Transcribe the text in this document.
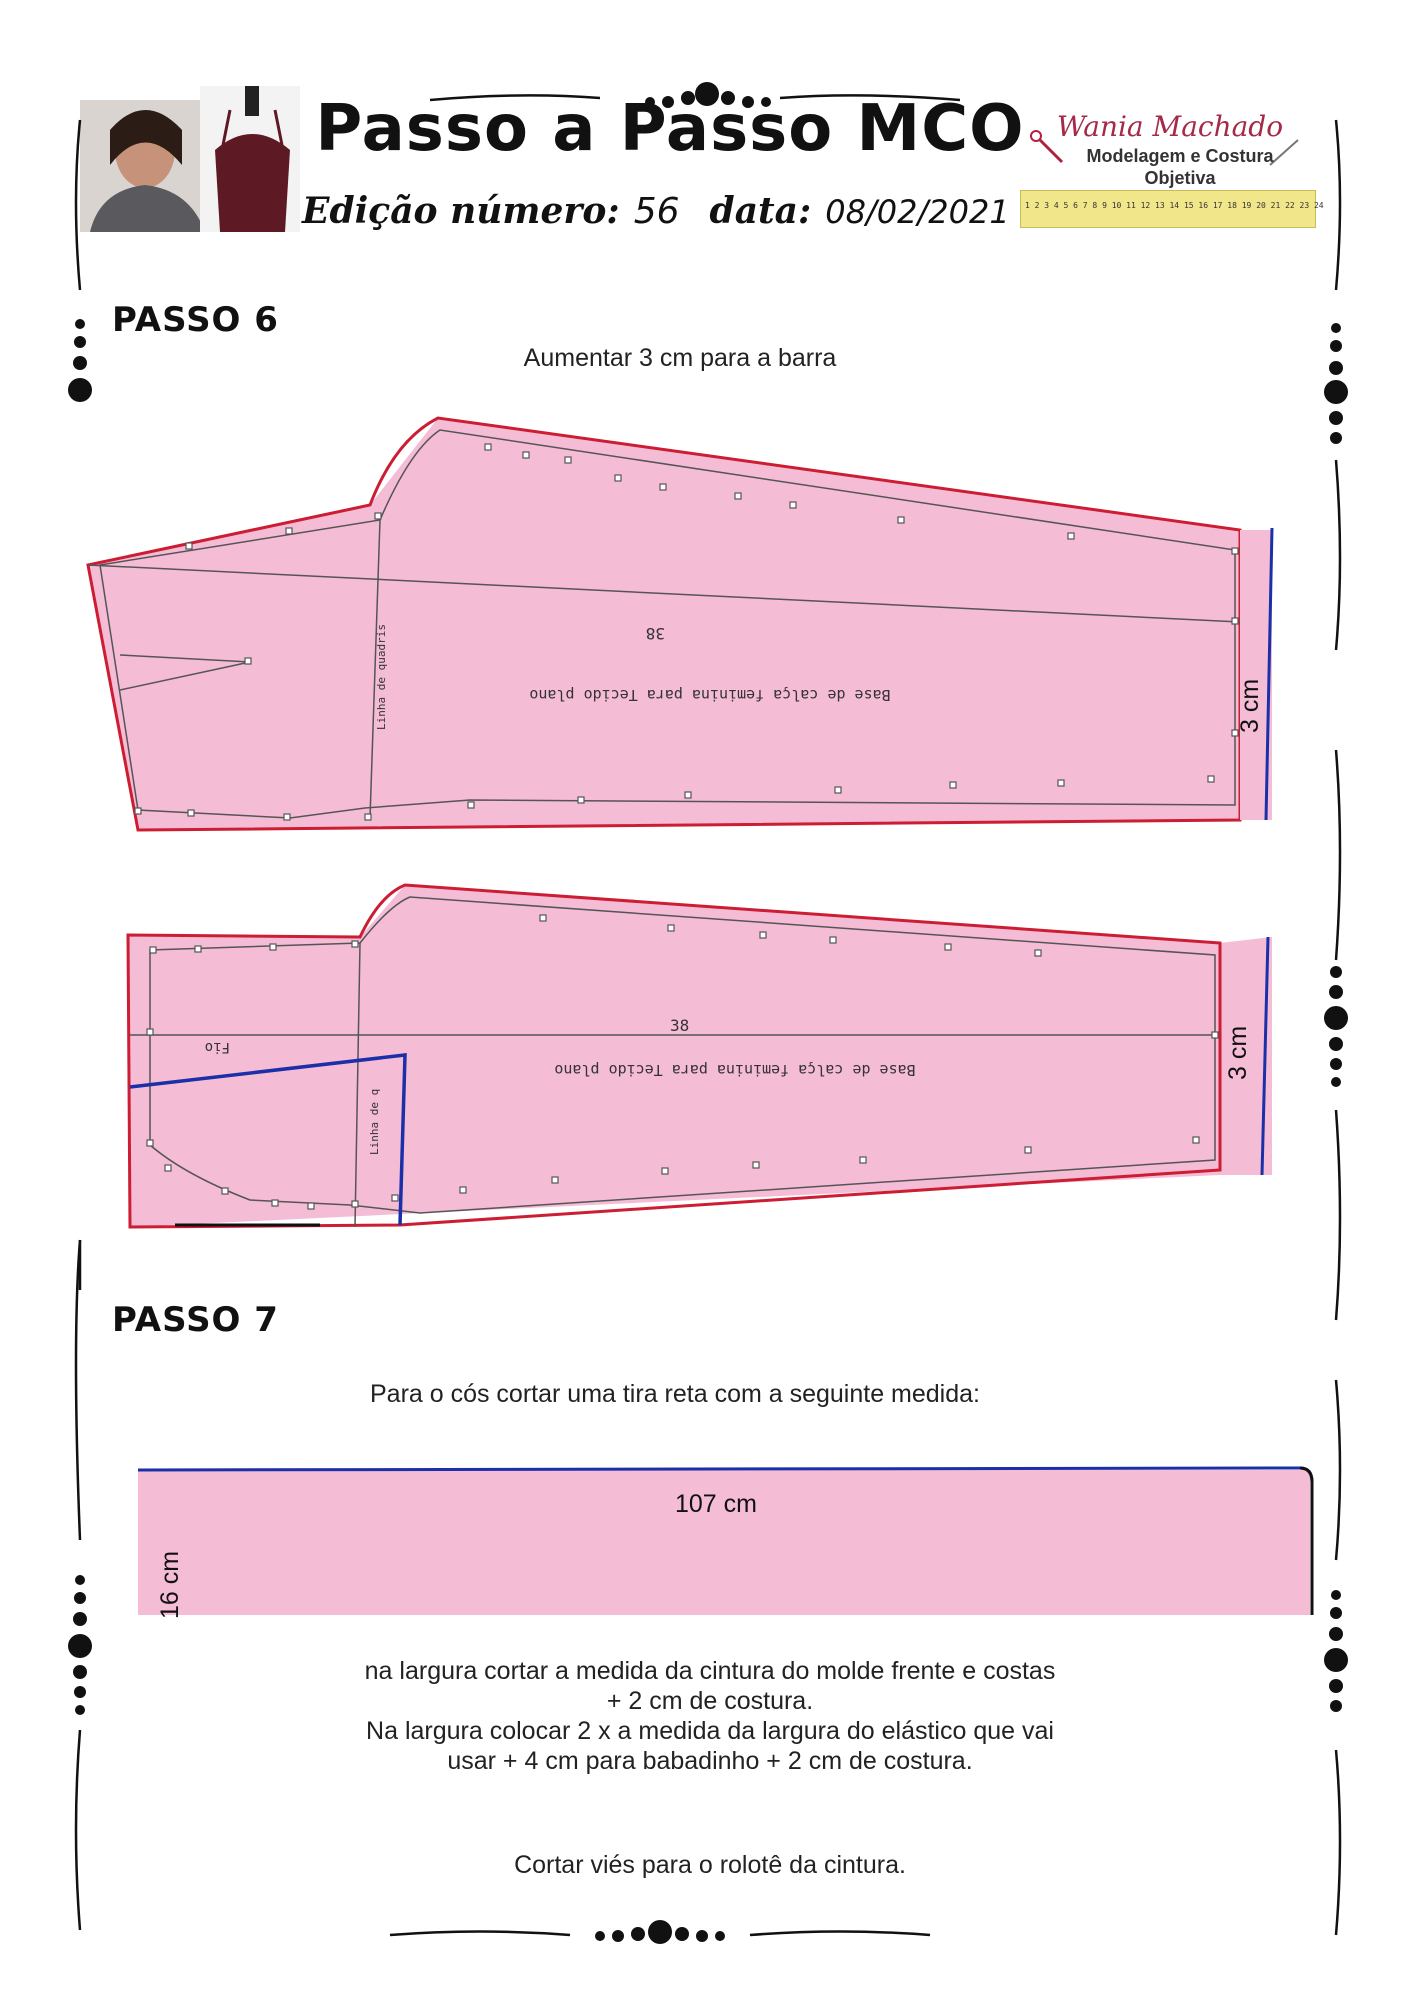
Passo a Passo MCO
Edição número: 56 data: 08/02/2021
Wania Machado
Modelagem e Costura
Objetiva
1 2 3 4 5 6 7 8 9 10 11 12 13 14 15 16 17 18 19 20 21 22 23 24
PASSO 6
Aumentar 3 cm para a barra
38
Base de calça feminina para Tecido plano
Linha de quadris	3 cm
38
Base de calça feminina para Tecido plano
Fio
Linha de q
3 cm
PASSO 7
Para o cós cortar uma tira reta com a seguinte medida:
107 cm
16 cm
na largura cortar a medida da cintura do molde frente e costas
+ 2 cm de costura.
Na largura colocar 2 x a medida da largura do elástico que vai
usar + 4 cm para babadinho + 2 cm de costura.
Cortar viés para o rolotê da cintura.
